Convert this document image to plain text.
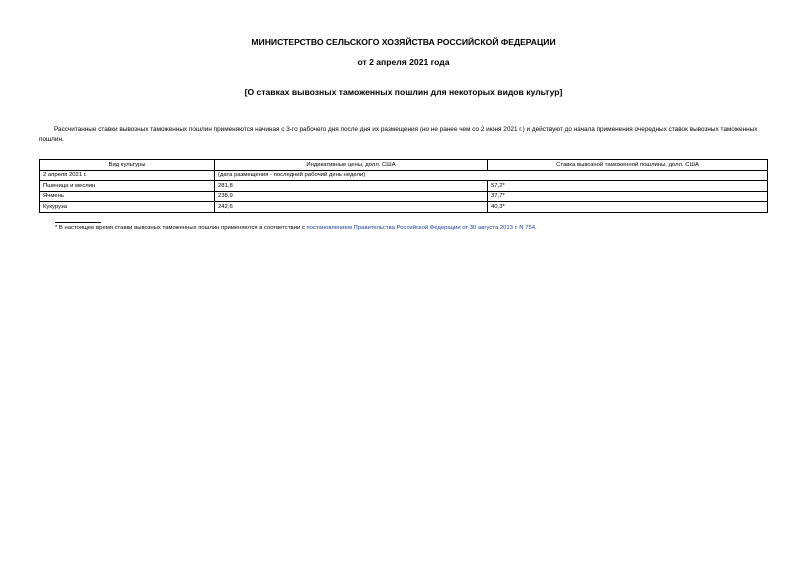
МИНИСТЕРСТВО СЕЛЬСКОГО ХОЗЯЙСТВА РОССИЙСКОЙ ФЕДЕРАЦИИ
от 2 апреля 2021 года
[О ставках вывозных таможенных пошлин для некоторых видов культур]
Рассчитанные ставки вывозных таможенных пошлин применяются начиная с 3-го рабочего дня после дня их размещения (но не ранее чем со 2 июня 2021 г.) и действуют до начала применения очередных ставок вывозных таможенных пошлин.
Вид культуры	Индикативные цены, долл. США	Ставка вывозной таможенной пошлины, долл. США
2 апреля 2021 г.	(дата размещения - последний рабочий день недели)	
Пшеница и меслин	281,8	57,2*
Ячмень	238,9	37,7*
Кукуруза	242,6	40,3*
* В настоящее время ставки вывозных таможенных пошлин применяются в соответствии с постановлением Правительства Российской Федерации от 30 августа 2013 г. N 754.
